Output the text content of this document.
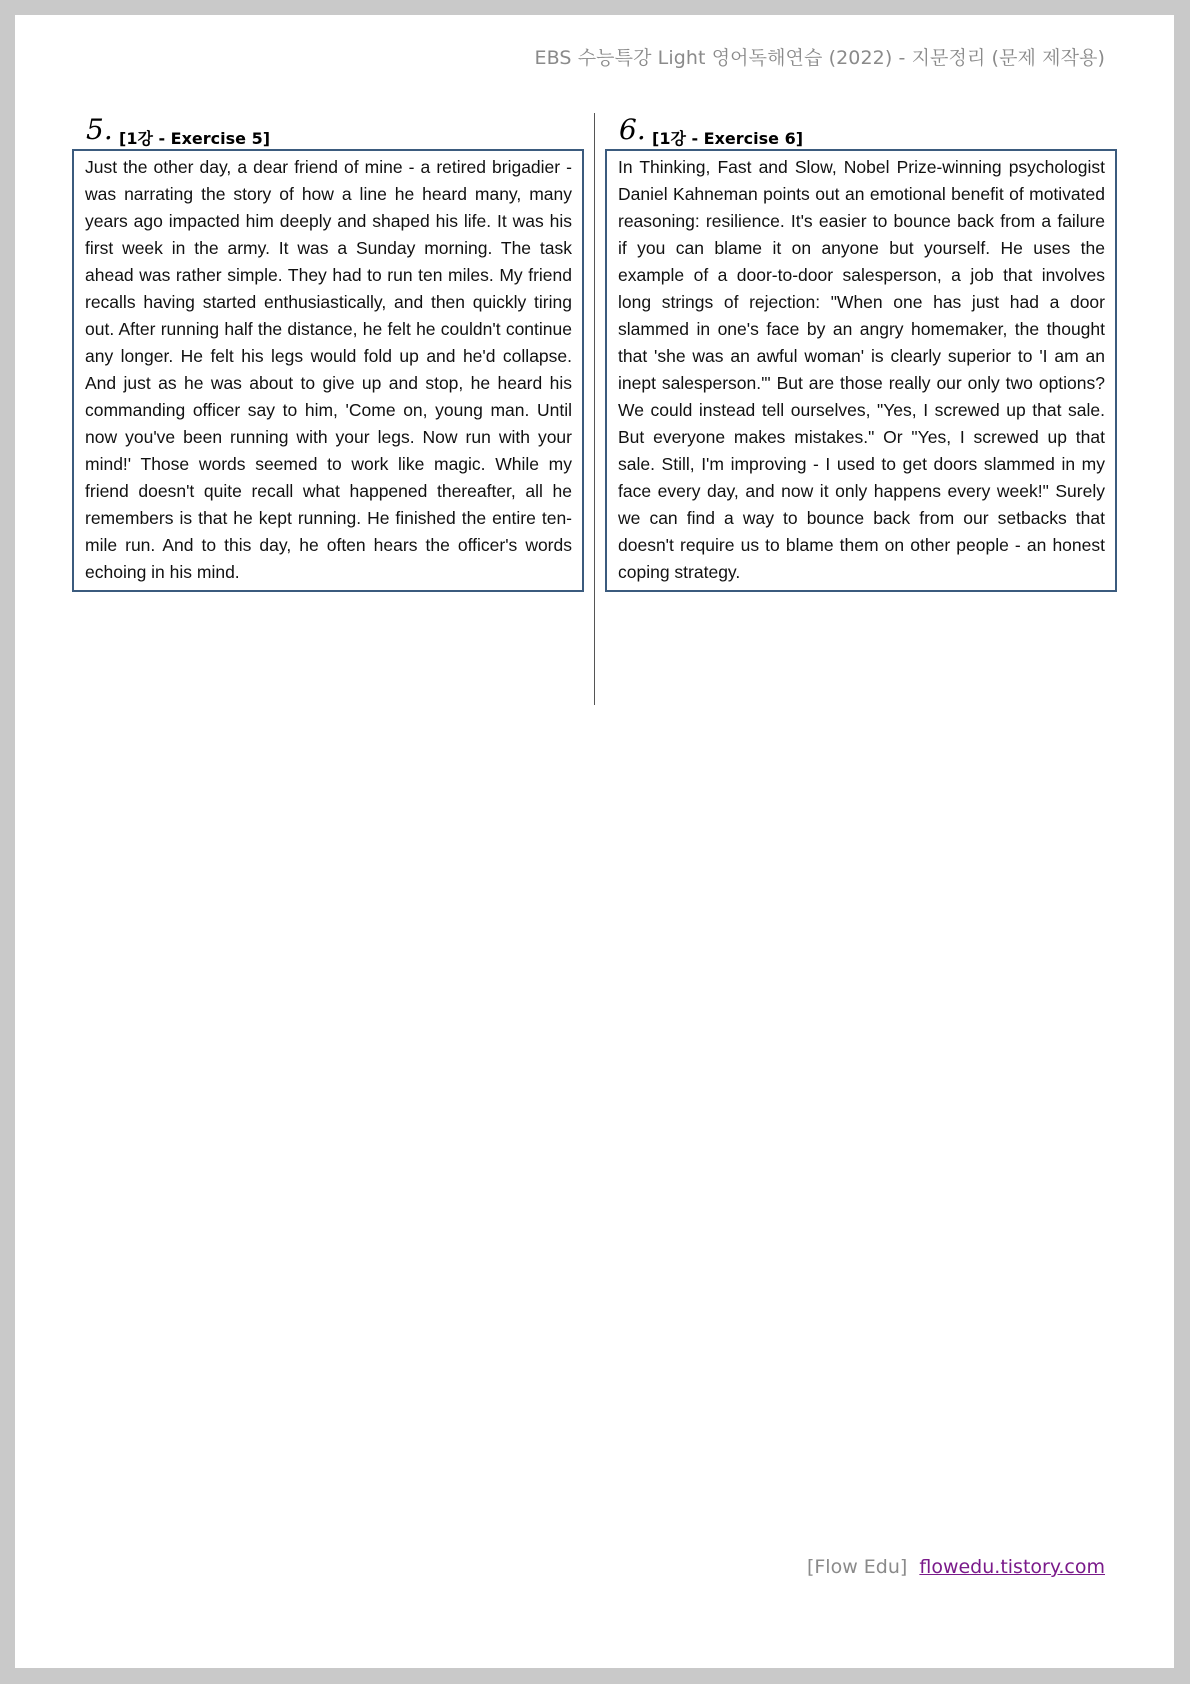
EBS 수능특강 Light 영어독해연습 (2022) - 지문정리 (문제 제작용)
5. [1강 - Exercise 5]

Just the other day, a dear friend of mine - a retired brigadier - was narrating the story of how a line he heard many, many years ago impacted him deeply and shaped his life. It was his first week in the army. It was a Sunday morning. The task ahead was rather simple. They had to run ten miles. My friend recalls having started enthusiastically, and then quickly tiring out. After running half the distance, he felt he couldn't continue any longer. He felt his legs would fold up and he'd collapse. And just as he was about to give up and stop, he heard his commanding officer say to him, 'Come on, young man. Until now you've been running with your legs. Now run with your mind!' Those words seemed to work like magic. While my friend doesn't quite recall what happened thereafter, all he remembers is that he kept running. He finished the entire ten-mile run. And to this day, he often hears the officer's words echoing in his mind.

6. [1강 - Exercise 6]

In Thinking, Fast and Slow, Nobel Prize-winning psychologist Daniel Kahneman points out an emotional benefit of motivated reasoning: resilience. It's easier to bounce back from a failure if you can blame it on anyone but yourself. He uses the example of a door-to-door salesperson, a job that involves long strings of rejection: "When one has just had a door slammed in one's face by an angry homemaker, the thought that 'she was an awful woman' is clearly superior to 'I am an inept salesperson.'" But are those really our only two options? We could instead tell ourselves, "Yes, I screwed up that sale. But everyone makes mistakes." Or "Yes, I screwed up that sale. Still, I'm improving - I used to get doors slammed in my face every day, and now it only happens every week!" Surely we can find a way to bounce back from our setbacks that doesn't require us to blame them on other people - an honest coping strategy.

[Flow Edu] flowedu.tistory.com
